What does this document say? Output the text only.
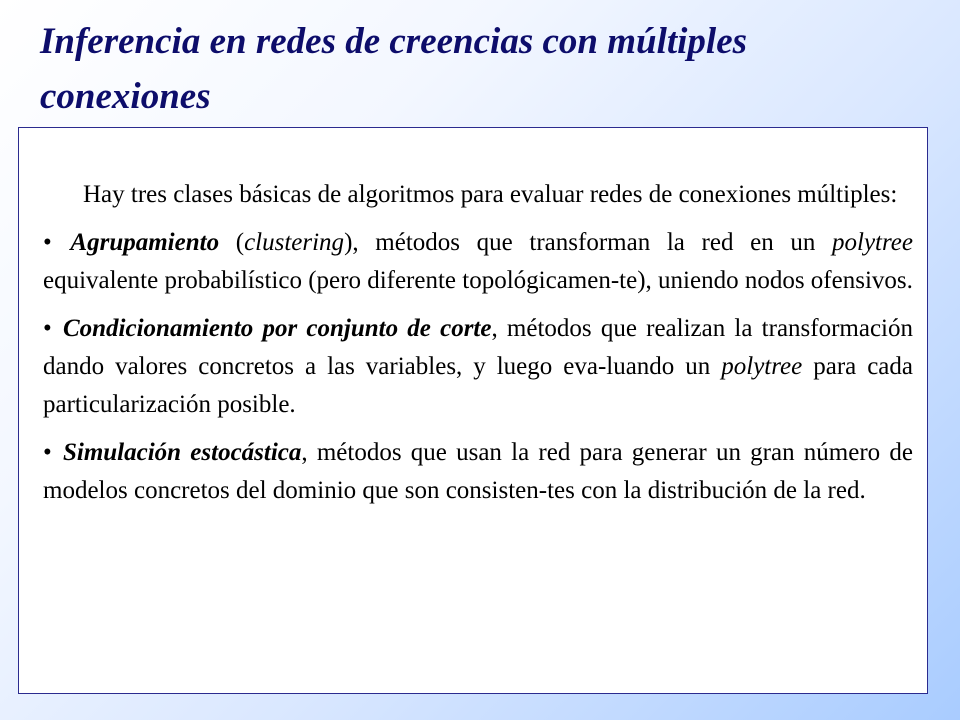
Inferencia en redes de creencias con múltiples conexiones

Hay tres clases básicas de algoritmos para evaluar redes de conexiones múltiples:

• Agrupamiento (clustering), métodos que transforman la red en un polytree equivalente probabilístico (pero diferente topológicamen-te), uniendo nodos ofensivos.

• Condicionamiento por conjunto de corte, métodos que realizan la transformación dando valores concretos a las variables, y luego eva-luando un polytree para cada particularización posible.

• Simulación estocástica, métodos que usan la red para generar un gran número de modelos concretos del dominio que son consisten-tes con la distribución de la red.
